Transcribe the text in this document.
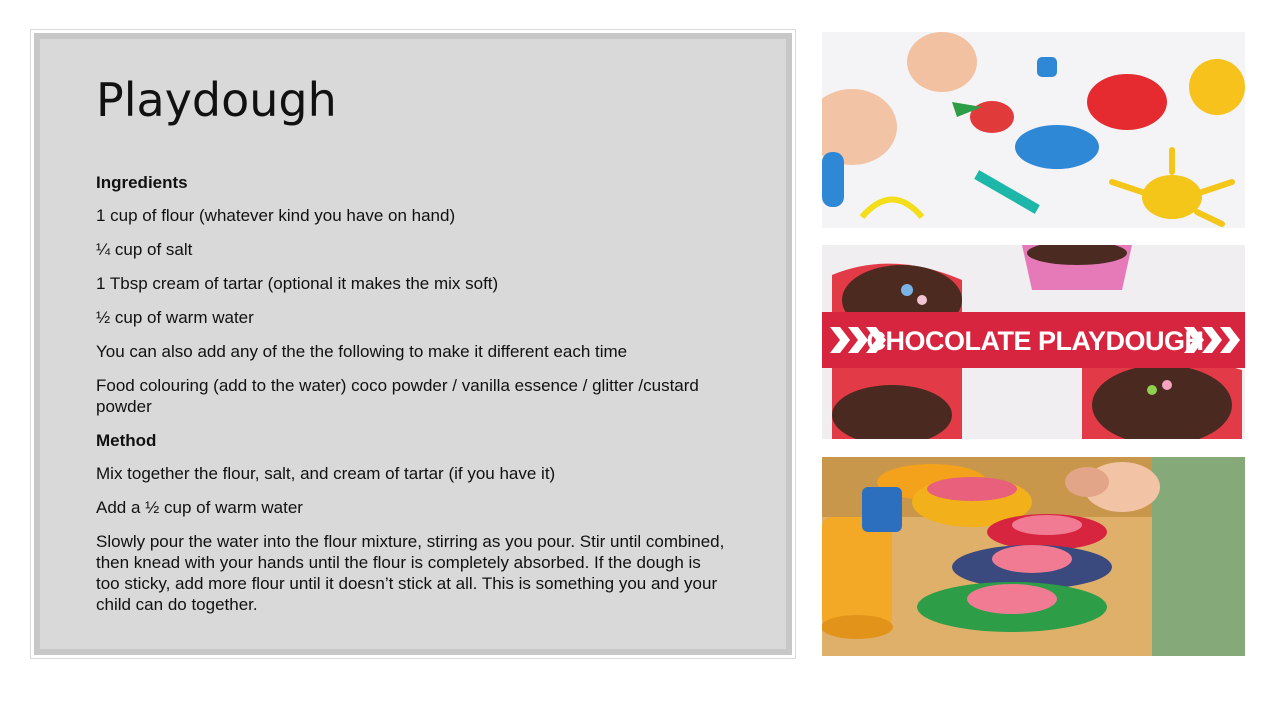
Playdough
Ingredients
1 cup of flour (whatever kind you have on hand)
¼ cup of salt
1 Tbsp cream of tartar (optional it makes the mix soft)
½ cup of warm water
You can also add any of the the following to make it different each time
Food colouring (add to the water) coco powder / vanilla essence / glitter /custard powder
Method
Mix together the flour, salt, and cream of tartar (if you have it)
Add a ½ cup of warm water
Slowly pour the water into the flour mixture, stirring as you pour. Stir until combined, then knead with your hands until the flour is completely absorbed. If the dough is too sticky, add more flour until it doesn’t stick at all. This is something you and your child can do together.
CHOCOLATE PLAYDOUGH
